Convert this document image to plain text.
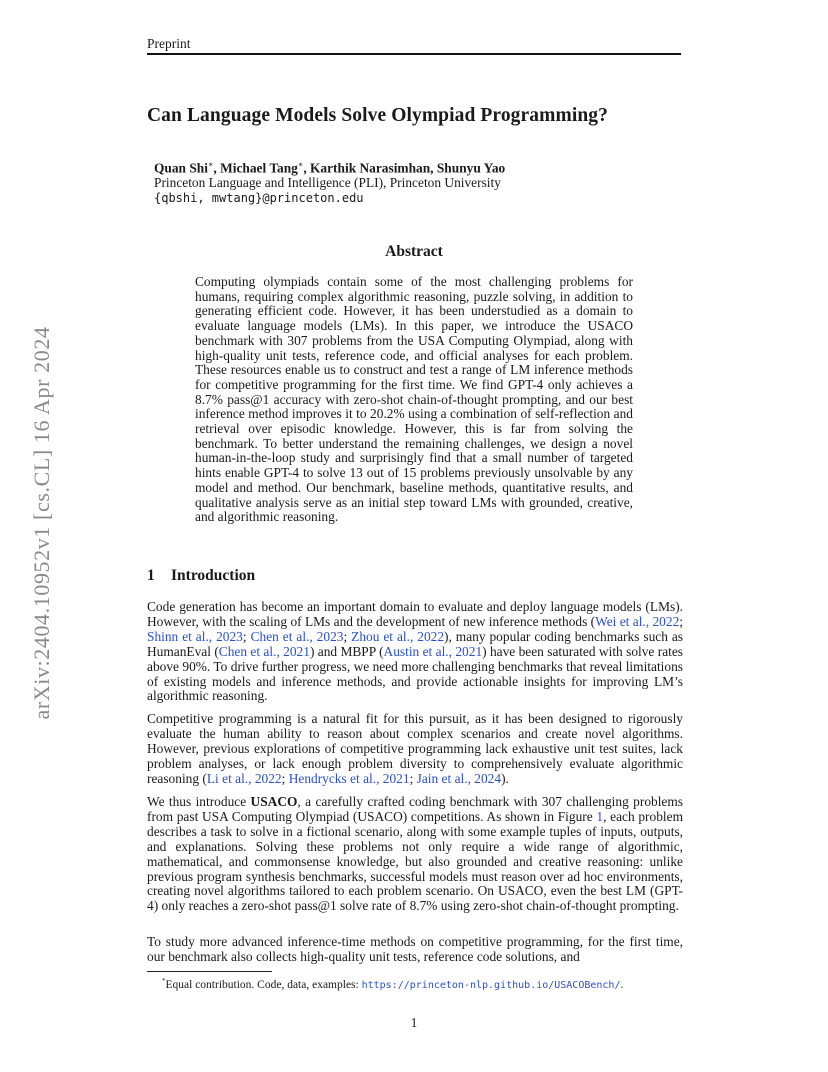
Preprint
arXiv:2404.10952v1 [cs.CL] 16 Apr 2024
Can Language Models Solve Olympiad Programming?
Quan Shi∗, Michael Tang∗, Karthik Narasimhan, Shunyu Yao
Princeton Language and Intelligence (PLI), Princeton University
{qbshi, mwtang}@princeton.edu
Abstract
Computing olympiads contain some of the most challenging problems for humans, requiring complex algorithmic reasoning, puzzle solving, in addition to generating efficient code. However, it has been understudied as a domain to evaluate language models (LMs). In this paper, we introduce the USACO benchmark with 307 problems from the USA Computing Olympiad, along with high-quality unit tests, reference code, and official analyses for each problem. These resources enable us to construct and test a range of LM inference methods for competitive programming for the first time. We find GPT-4 only achieves a 8.7% pass@1 accuracy with zero-shot chain-of-thought prompting, and our best inference method improves it to 20.2% using a combination of self-reflection and retrieval over episodic knowledge. However, this is far from solving the benchmark. To better understand the remaining challenges, we design a novel human-in-the-loop study and surprisingly find that a small number of targeted hints enable GPT-4 to solve 13 out of 15 problems previously unsolvable by any model and method. Our benchmark, baseline methods, quantitative results, and qualitative analysis serve as an initial step toward LMs with grounded, creative, and algorithmic reasoning.
1 Introduction
Code generation has become an important domain to evaluate and deploy language models (LMs). However, with the scaling of LMs and the development of new inference methods (Wei et al., 2022; Shinn et al., 2023; Chen et al., 2023; Zhou et al., 2022), many popular coding benchmarks such as HumanEval (Chen et al., 2021) and MBPP (Austin et al., 2021) have been saturated with solve rates above 90%. To drive further progress, we need more challenging benchmarks that reveal limitations of existing models and inference methods, and provide actionable insights for improving LM’s algorithmic reasoning.
Competitive programming is a natural fit for this pursuit, as it has been designed to rigorously evaluate the human ability to reason about complex scenarios and create novel algorithms. However, previous explorations of competitive programming lack exhaustive unit test suites, lack problem analyses, or lack enough problem diversity to comprehensively evaluate algorithmic reasoning (Li et al., 2022; Hendrycks et al., 2021; Jain et al., 2024).
We thus introduce USACO, a carefully crafted coding benchmark with 307 challenging problems from past USA Computing Olympiad (USACO) competitions. As shown in Figure 1, each problem describes a task to solve in a fictional scenario, along with some example tuples of inputs, outputs, and explanations. Solving these problems not only require a wide range of algorithmic, mathematical, and commonsense knowledge, but also grounded and creative reasoning: unlike previous program synthesis benchmarks, successful models must reason over ad hoc environments, creating novel algorithms tailored to each problem scenario. On USACO, even the best LM (GPT-4) only reaches a zero-shot pass@1 solve rate of 8.7% using zero-shot chain-of-thought prompting.
To study more advanced inference-time methods on competitive programming, for the first time, our benchmark also collects high-quality unit tests, reference code solutions, and
*Equal contribution. Code, data, examples: https://princeton-nlp.github.io/USACOBench/.
1
